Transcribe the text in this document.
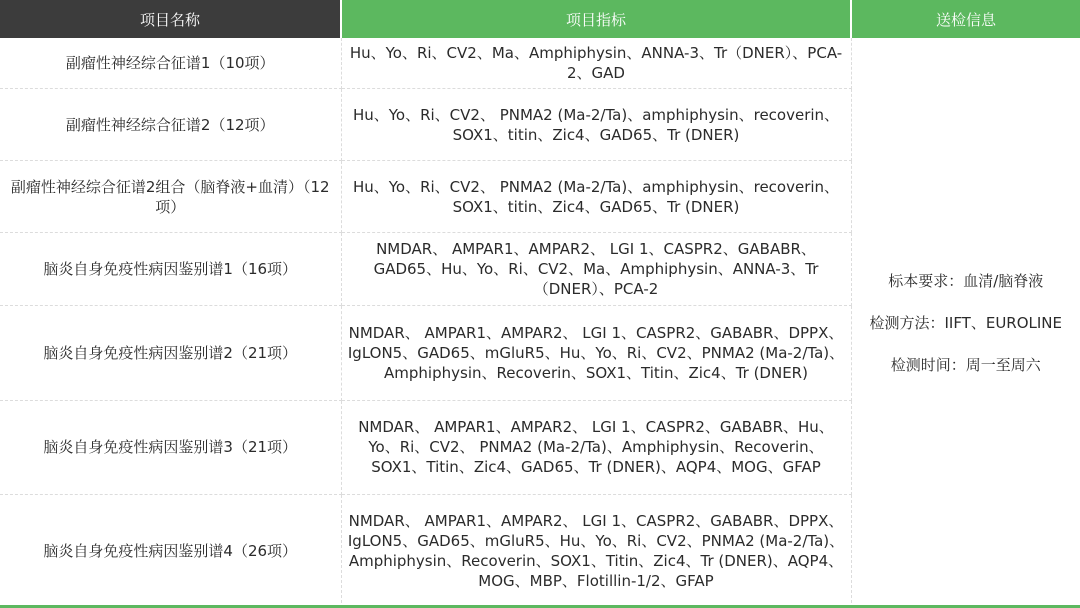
项目名称	项目指标	送检信息
副瘤性神经综合征谱1（10项）	Hu、Yo、Ri、CV2、Ma、Amphiphysin、ANNA-3、Tr（DNER）、PCA-2、GAD	标本要求：血清/脑脊液
检测方法：IIFT、EUROLINE
检测时间：周一至周六

副瘤性神经综合征谱2（12项）	Hu、Yo、Ri、CV2、 PNMA2 (Ma-2/Ta)、amphiphysin、recoverin、SOX1、titin、Zic4、GAD65、Tr (DNER)	
副瘤性神经综合征谱2组合（脑脊液+血清）（12项）	Hu、Yo、Ri、CV2、 PNMA2 (Ma-2/Ta)、amphiphysin、recoverin、SOX1、titin、Zic4、GAD65、Tr (DNER)	
脑炎自身免疫性病因鉴别谱1（16项）	NMDAR、 AMPAR1、AMPAR2、 LGI 1、CASPR2、GABABR、GAD65、Hu、Yo、Ri、CV2、Ma、Amphiphysin、ANNA-3、Tr（DNER）、PCA-2	
脑炎自身免疫性病因鉴别谱2（21项）	NMDAR、 AMPAR1、AMPAR2、 LGI 1、CASPR2、GABABR、DPPX、IgLON5、GAD65、mGluR5、Hu、Yo、Ri、CV2、PNMA2 (Ma-2/Ta)、Amphiphysin、Recoverin、SOX1、Titin、Zic4、Tr (DNER)	
脑炎自身免疫性病因鉴别谱3（21项）	NMDAR、 AMPAR1、AMPAR2、 LGI 1、CASPR2、GABABR、Hu、Yo、Ri、CV2、 PNMA2 (Ma-2/Ta)、Amphiphysin、Recoverin、SOX1、Titin、Zic4、GAD65、Tr (DNER)、AQP4、MOG、GFAP	
脑炎自身免疫性病因鉴别谱4（26项）	NMDAR、 AMPAR1、AMPAR2、 LGI 1、CASPR2、GABABR、DPPX、IgLON5、GAD65、mGluR5、Hu、Yo、Ri、CV2、PNMA2 (Ma-2/Ta)、Amphiphysin、Recoverin、SOX1、Titin、Zic4、Tr (DNER)、AQP4、MOG、MBP、Flotillin-1/2、GFAP	
